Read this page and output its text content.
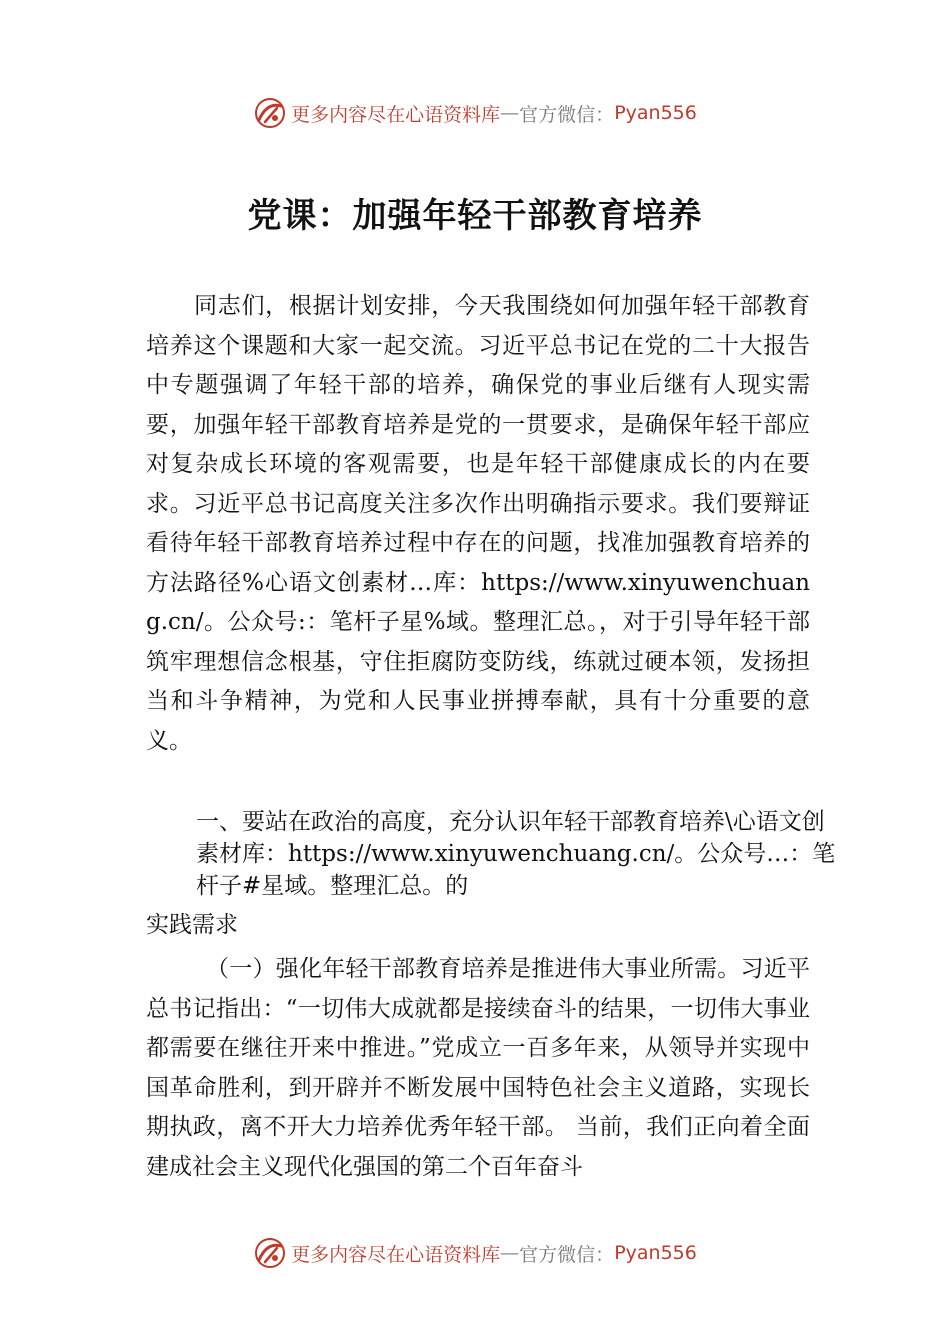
更多内容尽在心语资料库 — 官方微信： Pyan556
党课：加强年轻干部教育培养
同志们，根据计划安排，今天我围绕如何加强年轻干部教育培养这个课题和大家一起交流。习近平总书记在党的二十大报告中专题强调了年轻干部的培养，确保党的事业后继有人现实需要，加强年轻干部教育培养是党的一贯要求，是确保年轻干部应对复杂成长环境的客观需要，也是年轻干部健康成长的内在要求。习近平总书记高度关注多次作出明确指示要求。我们要辩证看待年轻干部教育培养过程中存在的问题，找准加强教育培养的方法路径%心语文创素材…库：https://www.xinyuwenchuang.cn/。公众号:：笔杆子星%域。整理汇总。，对于引导年轻干部筑牢理想信念根基，守住拒腐防变防线，练就过硬本领，发扬担当和斗争精神，为党和人民事业拼搏奉献，具有十分重要的意义。
一、要站在政治的高度，充分认识年轻干部教育培养\心语文创素材库：https://www.xinyuwenchuang.cn/。公众号…：笔杆子#星域。整理汇总。的
实践需求
（一）强化年轻干部教育培养是推进伟大事业所需。习近平总书记指出：“一切伟大成就都是接续奋斗的结果，一切伟大事业都需要在继往开来中推进。”党成立一百多年来，从领导并实现中国革命胜利，到开辟并不断发展中国特色社会主义道路，实现长期执政，离不开大力培养优秀年轻干部。 当前，我们正向着全面建成社会主义现代化强国的第二个百年奋斗
更多内容尽在心语资料库 — 官方微信： Pyan556
